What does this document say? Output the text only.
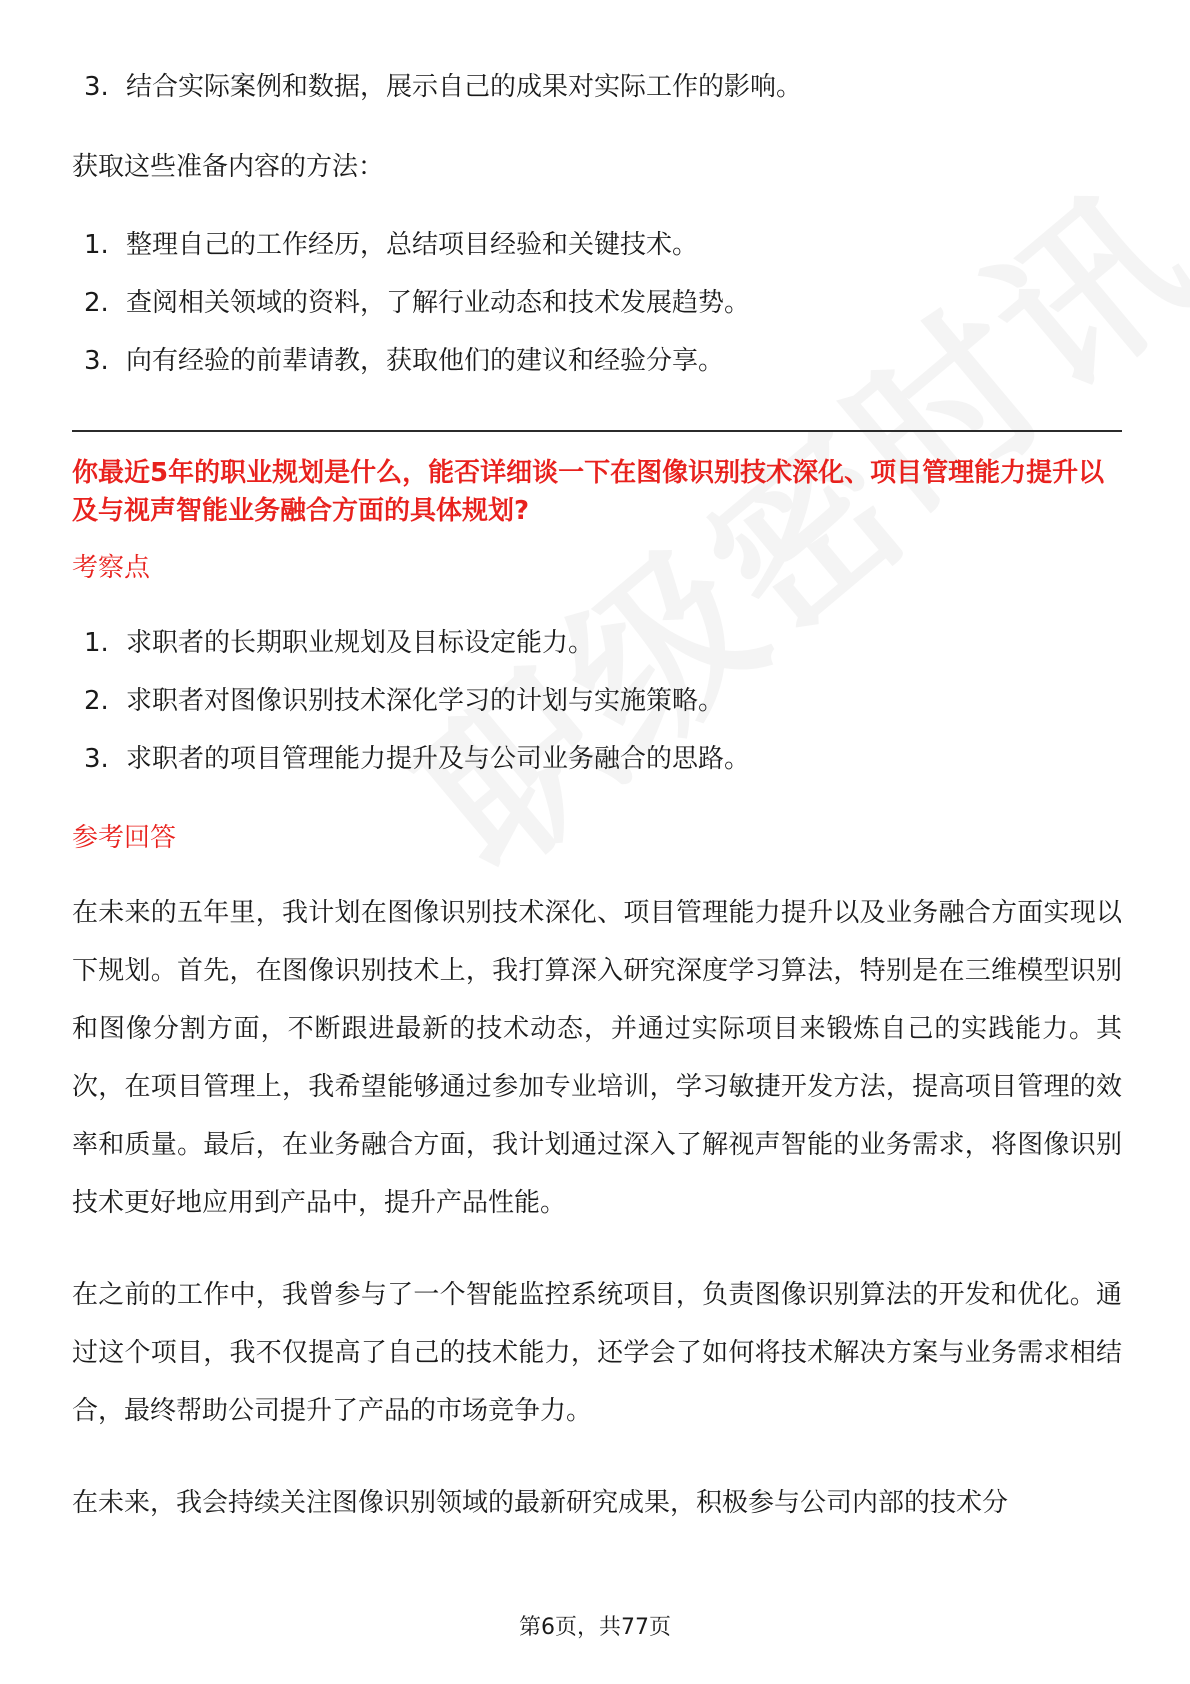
3. 结合实际案例和数据，展示自己的成果对实际工作的影响。
获取这些准备内容的方法：
1. 整理自己的工作经历，总结项目经验和关键技术。
2. 查阅相关领域的资料，了解行业动态和技术发展趋势。
3. 向有经验的前辈请教，获取他们的建议和经验分享。
你最近5年的职业规划是什么，能否详细谈一下在图像识别技术深化、项目管理能力提升以及与视声智能业务融合方面的具体规划?
考察点
1. 求职者的长期职业规划及目标设定能力。
2. 求职者对图像识别技术深化学习的计划与实施策略。
3. 求职者的项目管理能力提升及与公司业务融合的思路。
参考回答
在未来的五年里，我计划在图像识别技术深化、项目管理能力提升以及业务融合方面实现以下规划。首先，在图像识别技术上，我打算深入研究深度学习算法，特别是在三维模型识别和图像分割方面，不断跟进最新的技术动态，并通过实际项目来锻炼自己的实践能力。其次，在项目管理上，我希望能够通过参加专业培训，学习敏捷开发方法，提高项目管理的效率和质量。最后，在业务融合方面，我计划通过深入了解视声智能的业务需求，将图像识别技术更好地应用到产品中，提升产品性能。
在之前的工作中，我曾参与了一个智能监控系统项目，负责图像识别算法的开发和优化。通过这个项目，我不仅提高了自己的技术能力，还学会了如何将技术解决方案与业务需求相结合，最终帮助公司提升了产品的市场竞争力。
在未来，我会持续关注图像识别领域的最新研究成果，积极参与公司内部的技术分
第6页，共77页
